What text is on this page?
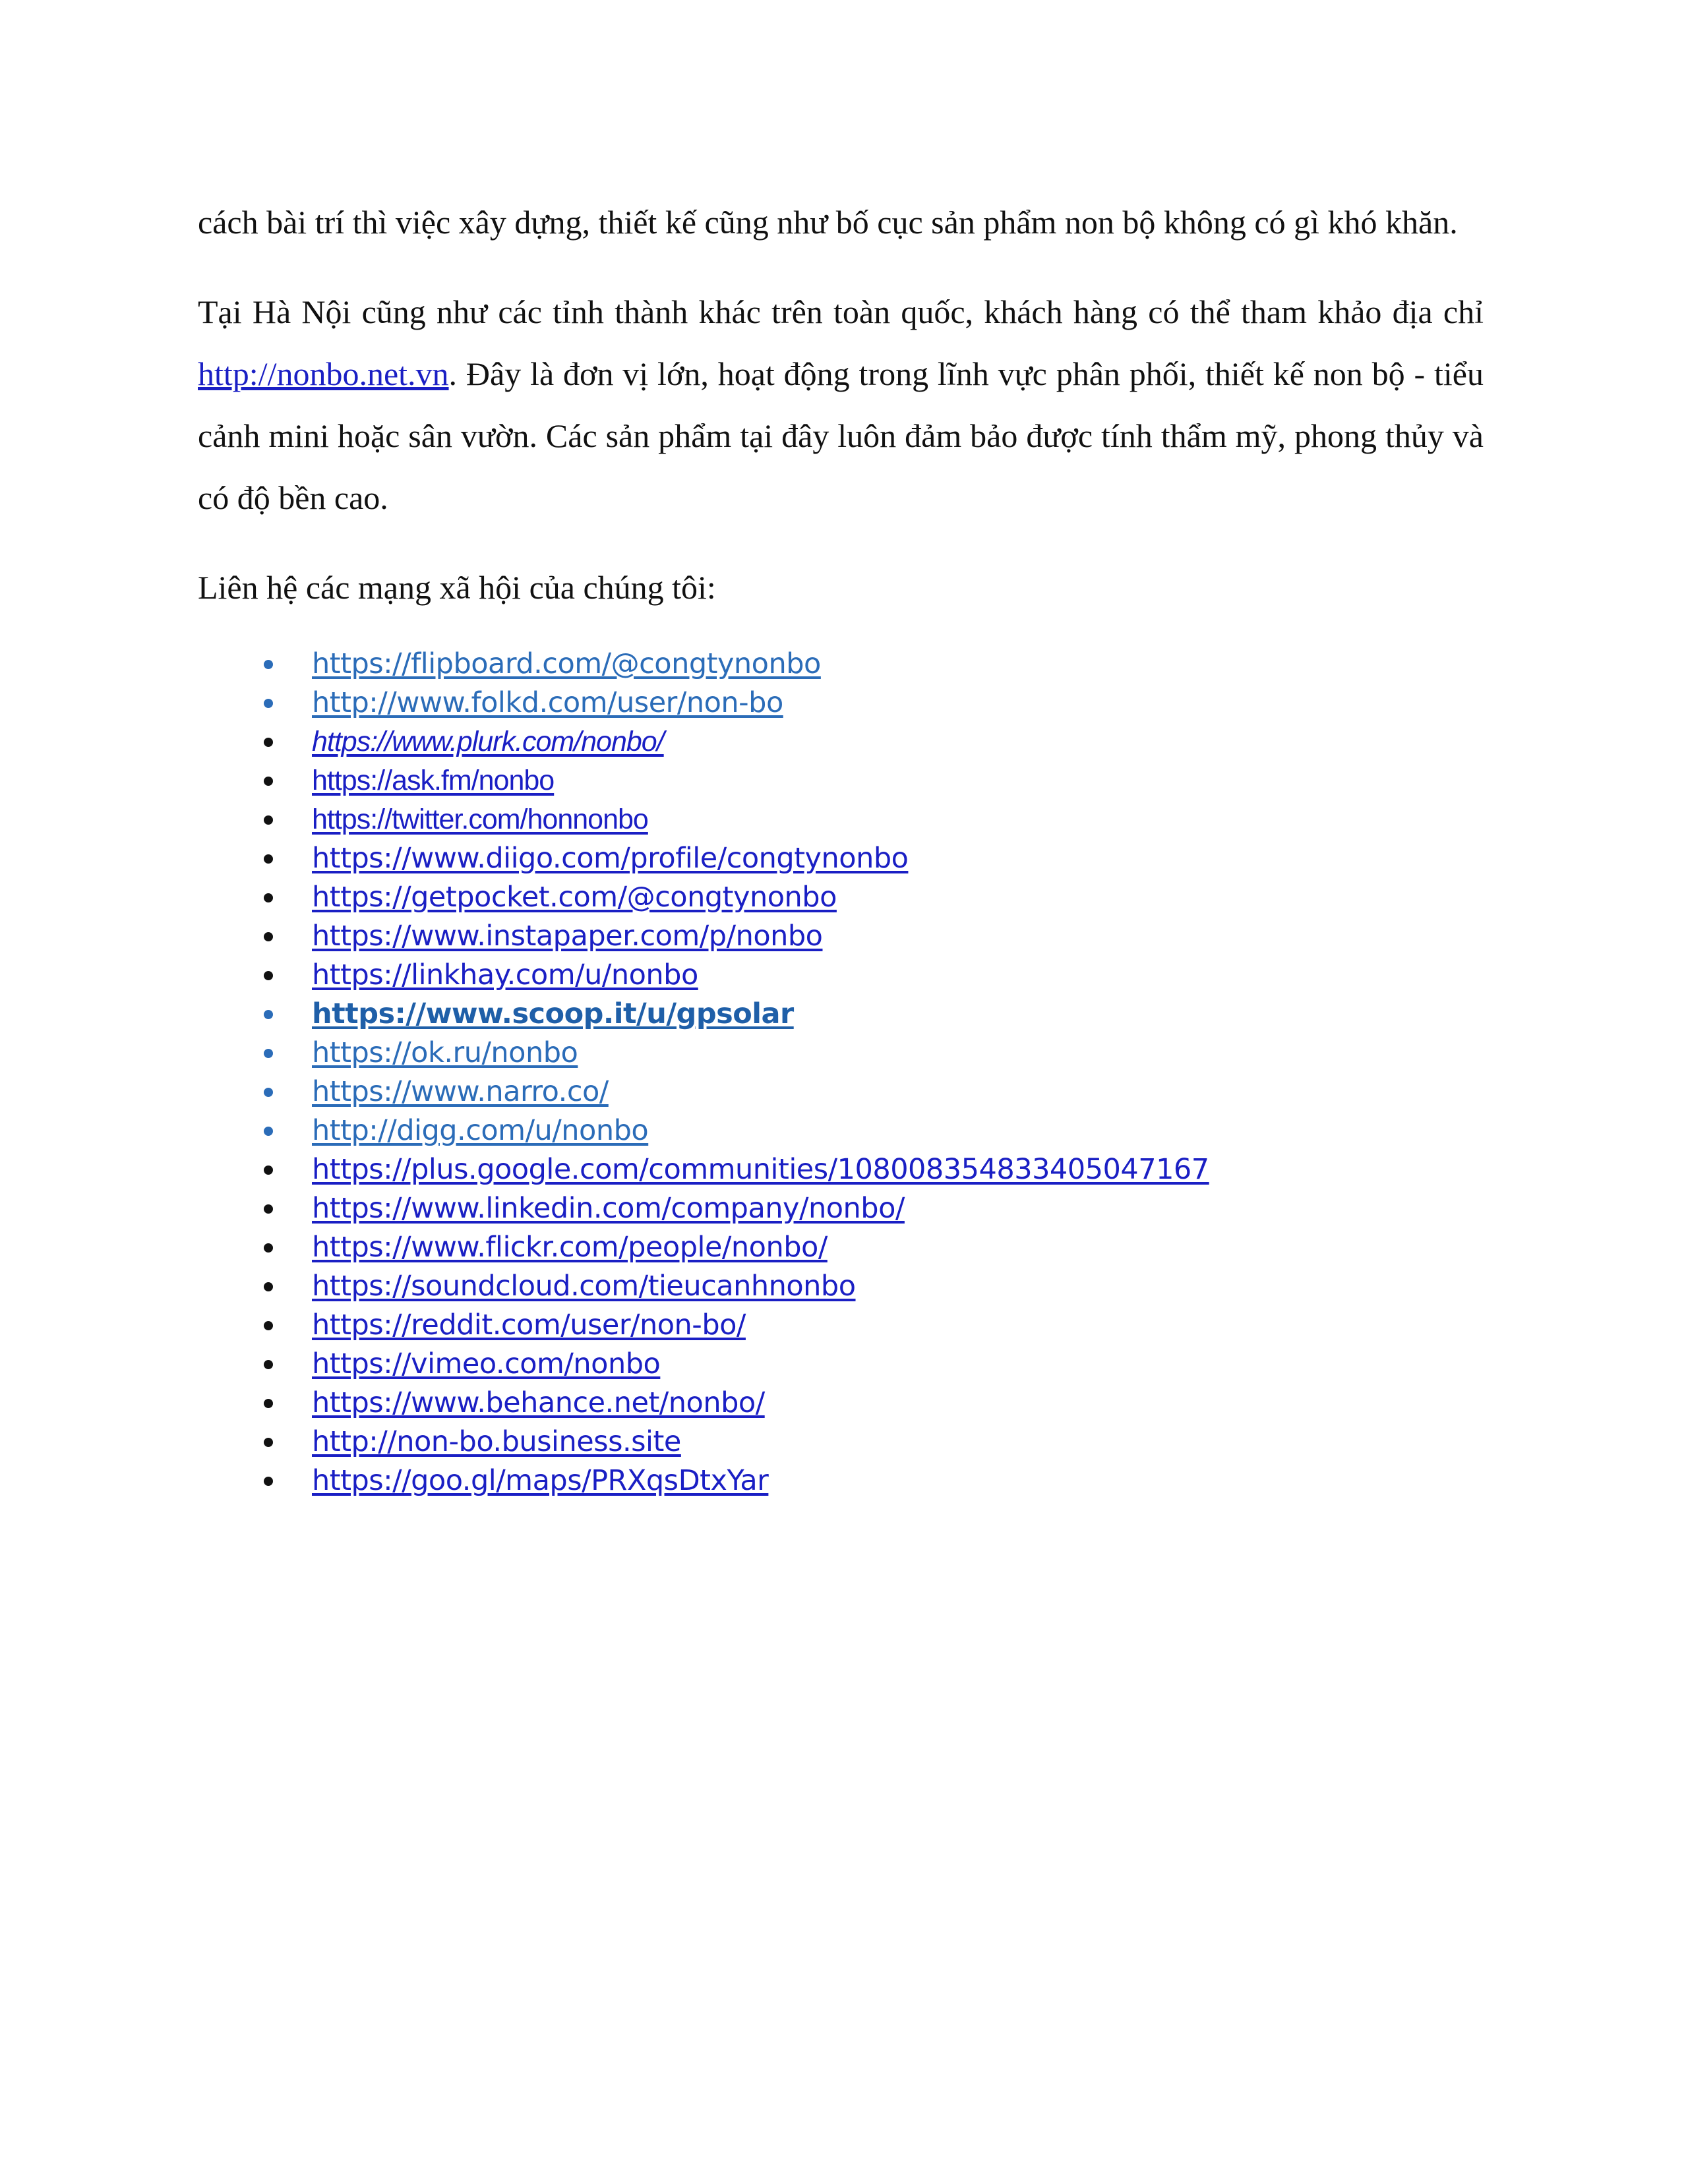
cách bài trí thì việc xây dựng, thiết kế cũng như bố cục sản phẩm non bộ không có gì khó khăn.

Tại Hà Nội cũng như các tỉnh thành khác trên toàn quốc, khách hàng có thể tham khảo địa chỉ http://nonbo.net.vn. Đây là đơn vị lớn, hoạt động trong lĩnh vực phân phối, thiết kế non bộ - tiểu cảnh mini hoặc sân vườn. Các sản phẩm tại đây luôn đảm bảo được tính thẩm mỹ, phong thủy và có độ bền cao.

Liên hệ các mạng xã hội của chúng tôi:

https://flipboard.com/@congtynonbo
http://www.folkd.com/user/non-bo
https://www.plurk.com/nonbo/
https://ask.fm/nonbo
https://twitter.com/honnonbo
https://www.diigo.com/profile/congtynonbo
https://getpocket.com/@congtynonbo
https://www.instapaper.com/p/nonbo
https://linkhay.com/u/nonbo
https://www.scoop.it/u/gpsolar
https://ok.ru/nonbo
https://www.narro.co/
http://digg.com/u/nonbo
https://plus.google.com/communities/108008354833405047167
https://www.linkedin.com/company/nonbo/
https://www.flickr.com/people/nonbo/
https://soundcloud.com/tieucanhnonbo
https://reddit.com/user/non-bo/
https://vimeo.com/nonbo
https://www.behance.net/nonbo/
http://non-bo.business.site
https://goo.gl/maps/PRXqsDtxYar
